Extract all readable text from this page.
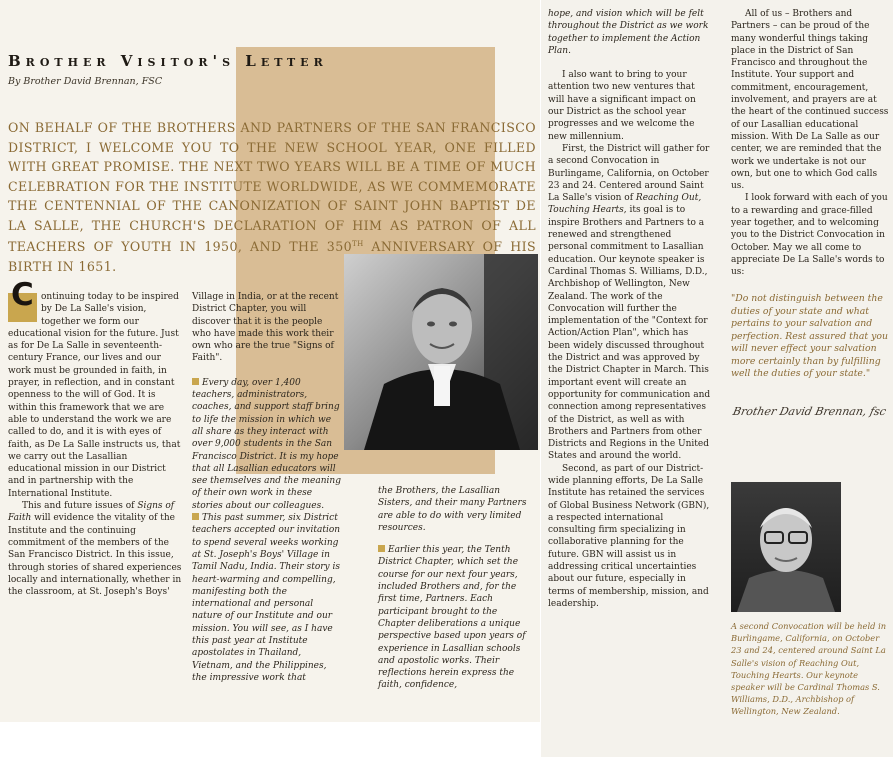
Brother Visitor's Letter
By Brother David Brennan, FSC
ON BEHALF OF THE BROTHERS AND PARTNERS OF THE SAN FRANCISCO DISTRICT, I WELCOME YOU TO THE NEW SCHOOL YEAR, ONE FILLED WITH GREAT PROMISE. THE NEXT TWO YEARS WILL BE A TIME OF MUCH CELEBRATION FOR THE INSTITUTE WORLDWIDE, AS WE COMMEMORATE THE CENTENNIAL OF THE CANONIZATION OF SAINT JOHN BAPTIST DE LA SALLE, THE CHURCH'S DECLARATION OF HIM AS PATRON OF ALL TEACHERS OF YOUTH IN 1950, AND THE 350TH ANNIVERSARY OF HIS BIRTH IN 1651.

C ontinuing today to be inspired by De La Salle's vision, together we form our educational vision for the future. Just as for De La Salle in seventeenth-century France, our lives and our work must be grounded in faith, in prayer, in reflection, and in constant openness to the will of God. It is within this framework that we are able to understand the work we are called to do, and it is with eyes of faith, as De La Salle instructs us, that we carry out the Lasallian educational mission in our District and in partnership with the International Institute.

This and future issues of Signs of Faith will evidence the vitality of the Institute and the continuing commitment of the members of the San Francisco District. In this issue, through stories of shared experiences locally and internationally, whether in the classroom, at St. Joseph's Boys'

Village in India, or at the recent District Chapter, you will discover that it is the people who have made this work their own who are the true "Signs of Faith".

Every day, over 1,400 teachers, administrators, coaches, and support staff bring to life the mission in which we all share as they interact with over 9,000 students in the San Francisco District. It is my hope that all Lasallian educators will see themselves and the meaning of their own work in these stories about our colleagues.

This past summer, six District teachers accepted our invitation to spend several weeks working at St. Joseph's Boys' Village in Tamil Nadu, India. Their story is heart-warming and compelling, manifesting both the international and personal nature of our Institute and our mission. You will see, as I have this past year at Institute apostolates in Thailand, Vietnam, and the Philippines, the impressive work that

the Brothers, the Lasallian Sisters, and their many Partners are able to do with very limited resources.

Earlier this year, the Tenth District Chapter, which set the course for our next four years, included Brothers and, for the first time, Partners. Each participant brought to the Chapter deliberations a unique perspective based upon years of experience in Lasallian schools and apostolic works. Their reflections herein express the faith, confidence,

hope, and vision which will be felt throughout the District as we work together to implement the Action Plan.

I also want to bring to your attention two new ventures that will have a significant impact on our District as the school year progresses and we welcome the new millennium.

First, the District will gather for a second Convocation in Burlingame, California, on October 23 and 24. Centered around Saint La Salle's vision of Reaching Out, Touching Hearts, its goal is to inspire Brothers and Partners to a renewed and strengthened personal commitment to Lasallian education. Our keynote speaker is Cardinal Thomas S. Williams, D.D., Archbishop of Wellington, New Zealand. The work of the Convocation will further the implementation of the "Context for Action/Action Plan", which has been widely discussed throughout the District and was approved by the District Chapter in March. This important event will create an opportunity for communication and connection among representatives of the District, as well as with Brothers and Partners from other Districts and Regions in the United States and around the world.

Second, as part of our District-wide planning efforts, De La Salle Institute has retained the services of Global Business Network (GBN), a respected international consulting firm specializing in collaborative planning for the future. GBN will assist us in addressing critical uncertainties about our future, especially in terms of membership, mission, and leadership.

All of us – Brothers and Partners – can be proud of the many wonderful things taking place in the District of San Francisco and throughout the Institute. Your support and commitment, encouragement, involvement, and prayers are at the heart of the continued success of our Lasallian educational mission. With De La Salle as our center, we are reminded that the work we undertake is not our own, but one to which God calls us.

I look forward with each of you to a rewarding and grace-filled year together, and to welcoming you to the District Convocation in October. May we all come to appreciate De La Salle's words to us:

"Do not distinguish between the duties of your state and what pertains to your salvation and perfection. Rest assured that you will never effect your salvation more certainly than by fulfilling well the duties of your state."
Brother David Brennan, fsc
A second Convocation will be held in Burlingame, California, on October 23 and 24, centered around Saint La Salle's vision of Reaching Out, Touching Hearts. Our keynote speaker will be Cardinal Thomas S. Williams, D.D., Archbishop of Wellington, New Zealand.
